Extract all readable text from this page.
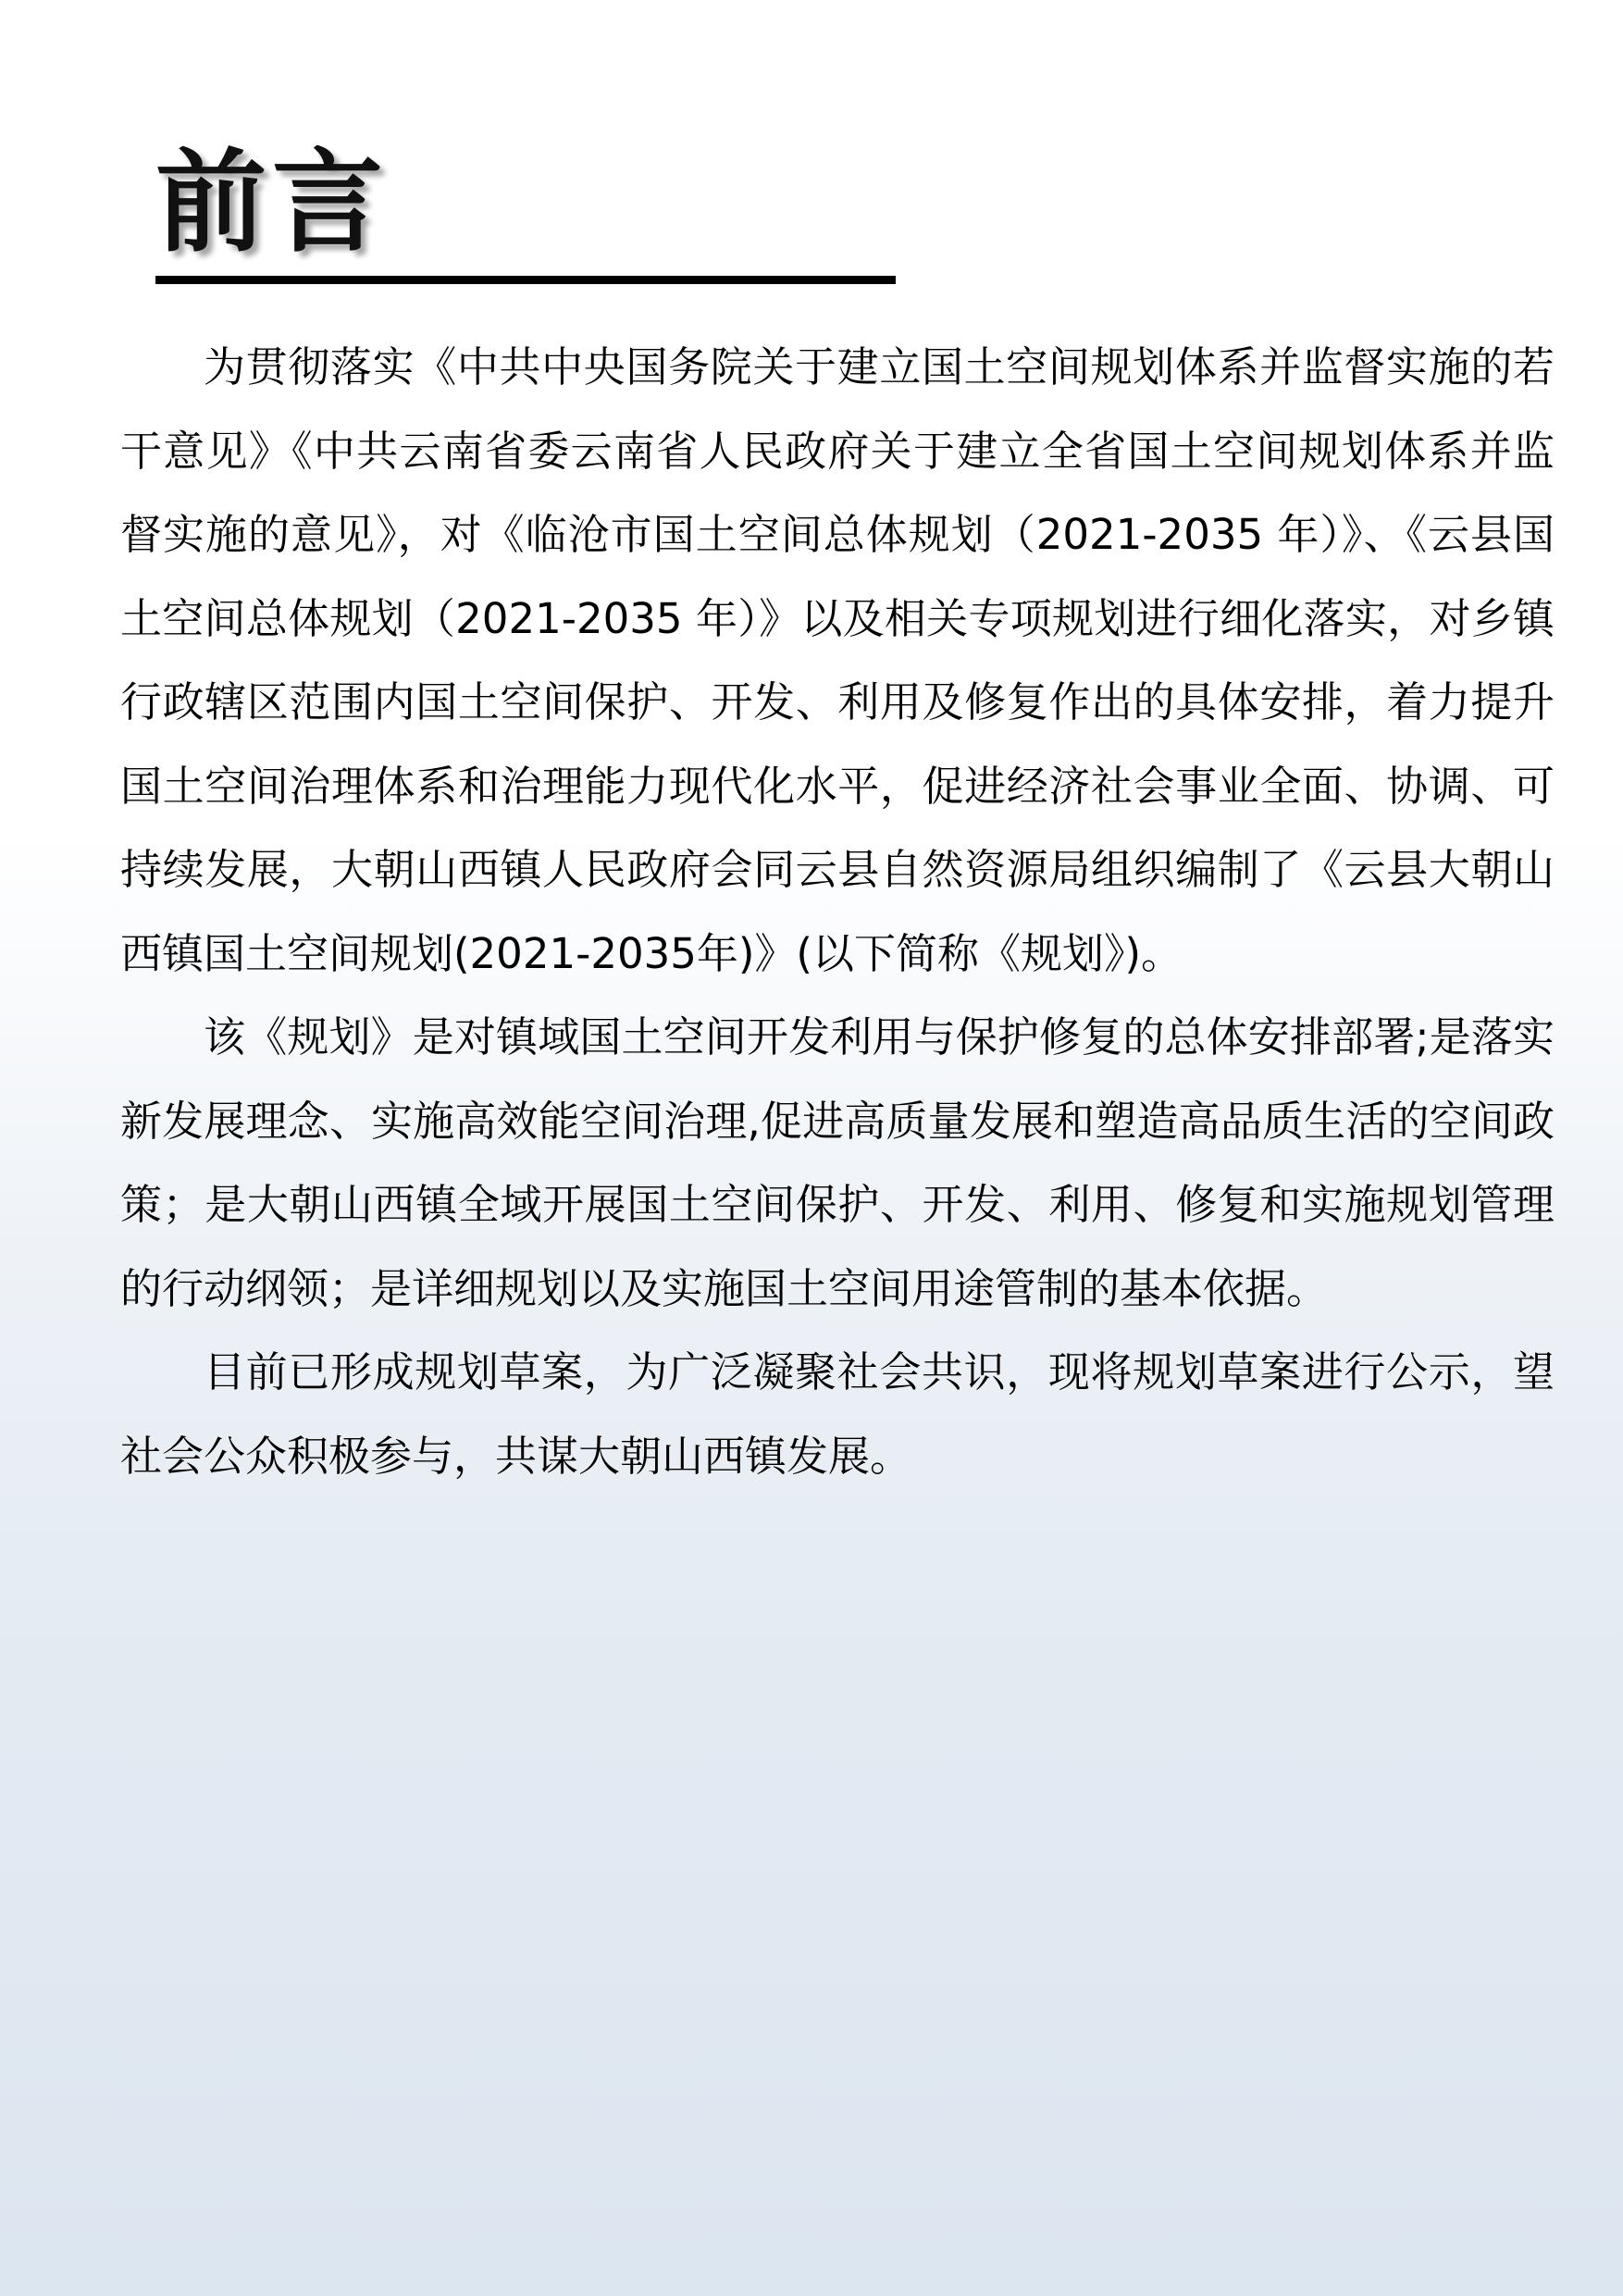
前言

为贯彻落实《中共中央国务院关于建立国土空间规划体系并监督实施的若干意见》《中共云南省委云南省人民政府关于建立全省国土空间规划体系并监督实施的意见》，对《临沧市国土空间总体规划（2021-2035 年）》、《云县国土空间总体规划（2021-2035 年）》以及相关专项规划进行细化落实，对乡镇行政辖区范围内国土空间保护、开发、利用及修复作出的具体安排，着力提升国土空间治理体系和治理能力现代化水平，促进经济社会事业全面、协调、可持续发展，大朝山西镇人民政府会同云县自然资源局组织编制了《云县大朝山西镇国土空间规划(2021-2035年)》(以下简称《规划》)。

该《规划》是对镇域国土空间开发利用与保护修复的总体安排部署;是落实新发展理念、实施高效能空间治理,促进高质量发展和塑造高品质生活的空间政策；是大朝山西镇全域开展国土空间保护、开发、利用、修复和实施规划管理的行动纲领；是详细规划以及实施国土空间用途管制的基本依据。

目前已形成规划草案，为广泛凝聚社会共识，现将规划草案进行公示，望社会公众积极参与，共谋大朝山西镇发展。
